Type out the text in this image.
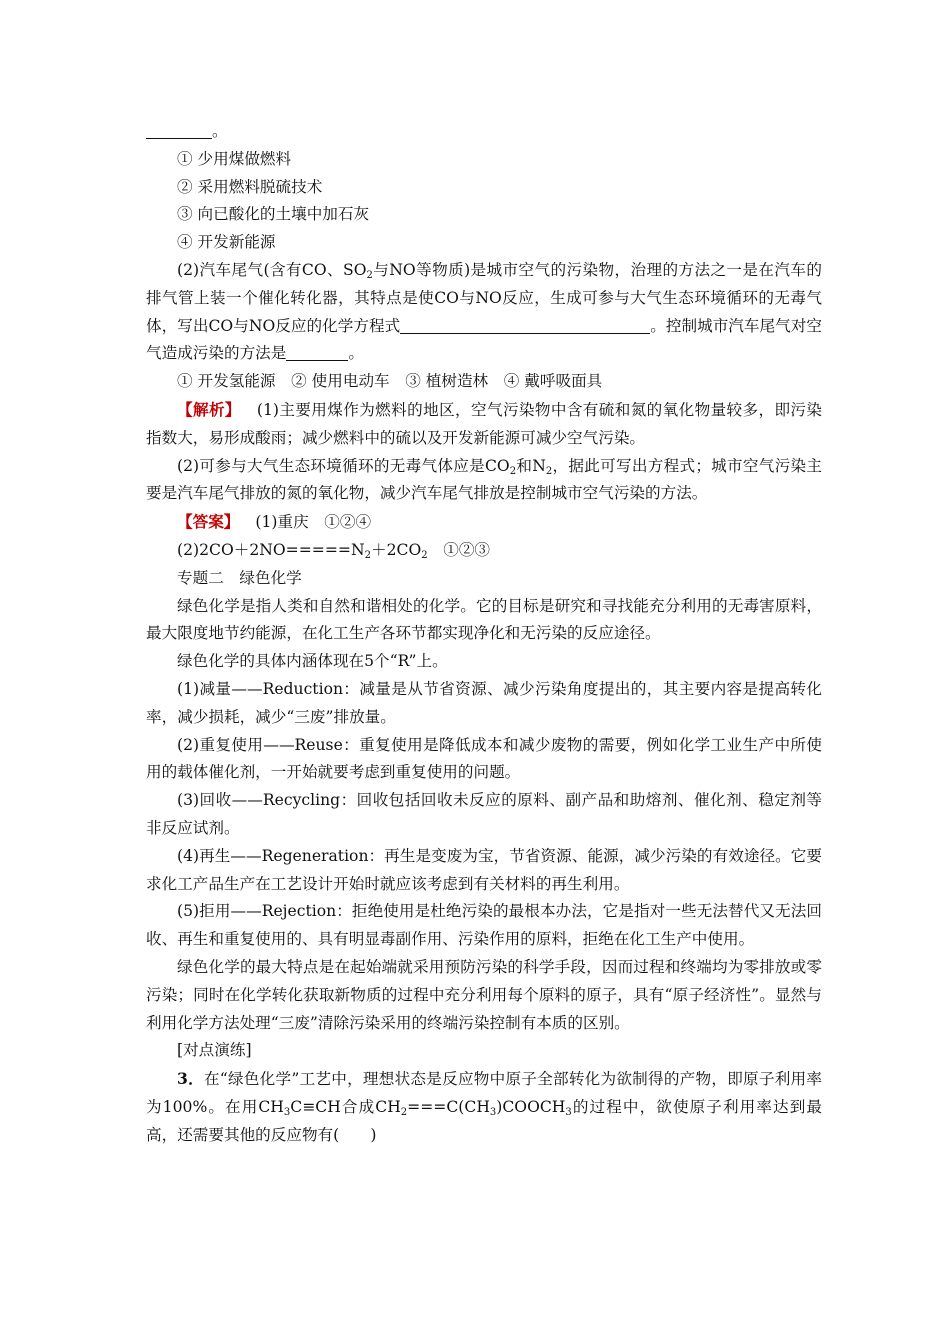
。

① 少用煤做燃料

② 采用燃料脱硫技术

③ 向已酸化的土壤中加石灰

④ 开发新能源

(2)汽车尾气(含有CO、$SO_2$与NO等物质)是城市空气的污染物，治理的方法之一是在汽车的排气管上装一个催化转化器，其特点是使CO与NO反应，生成可参与大气生态环境循环的无毒气体，写出CO与NO反应的化学方程式	。控制城市汽车尾气对空气造成污染的方法是	。

① 开发氢能源　② 使用电动车　③ 植树造林　④ 戴呼吸面具

【解析】 (1)主要用煤作为燃料的地区，空气污染物中含有硫和氮的氧化物量较多，即污染指数大，易形成酸雨；减少燃料中的硫以及开发新能源可减少空气污染。

(2)可参与大气生态环境循环的无毒气体应是$CO_2$和$N_2$，据此可写出方程式；城市空气污染主要是汽车尾气排放的氮的氧化物，减少汽车尾气排放是控制城市空气污染的方法。

【答案】 (1)重庆　①②④

$(2)2CO+2NO=====N_2+2CO_2$　①②③

专题二　绿色化学

绿色化学是指人类和自然和谐相处的化学。它的目标是研究和寻找能充分利用的无毒害原料，最大限度地节约能源，在化工生产各环节都实现净化和无污染的反应途径。

绿色化学的具体内涵体现在5个“R”上。

(1)减量——Reduction：减量是从节省资源、减少污染角度提出的，其主要内容是提高转化率，减少损耗，减少“三废”排放量。

(2)重复使用——Reuse：重复使用是降低成本和减少废物的需要，例如化学工业生产中所使用的载体催化剂，一开始就要考虑到重复使用的问题。

(3)回收——Recycling：回收包括回收未反应的原料、副产品和助熔剂、催化剂、稳定剂等非反应试剂。

(4)再生——Regeneration：再生是变废为宝，节省资源、能源，减少污染的有效途径。它要求化工产品生产在工艺设计开始时就应该考虑到有关材料的再生利用。

(5)拒用——Rejection：拒绝使用是杜绝污染的最根本办法，它是指对一些无法替代又无法回收、再生和重复使用的、具有明显毒副作用、污染作用的原料，拒绝在化工生产中使用。

绿色化学的最大特点是在起始端就采用预防污染的科学手段，因而过程和终端均为零排放或零污染；同时在化学转化获取新物质的过程中充分利用每个原料的原子，具有“原子经济性”。显然与利用化学方法处理“三废”清除污染采用的终端污染控制有本质的区别。

[对点演练]

3．在“绿色化学”工艺中，理想状态是反应物中原子全部转化为欲制得的产物，即原子利用率为100%。在用$CH_3C\equiv CH$合成$CH_2===C(CH_3)COOCH_3$的过程中，欲使原子利用率达到最高，还需要其他的反应物有(　　)
